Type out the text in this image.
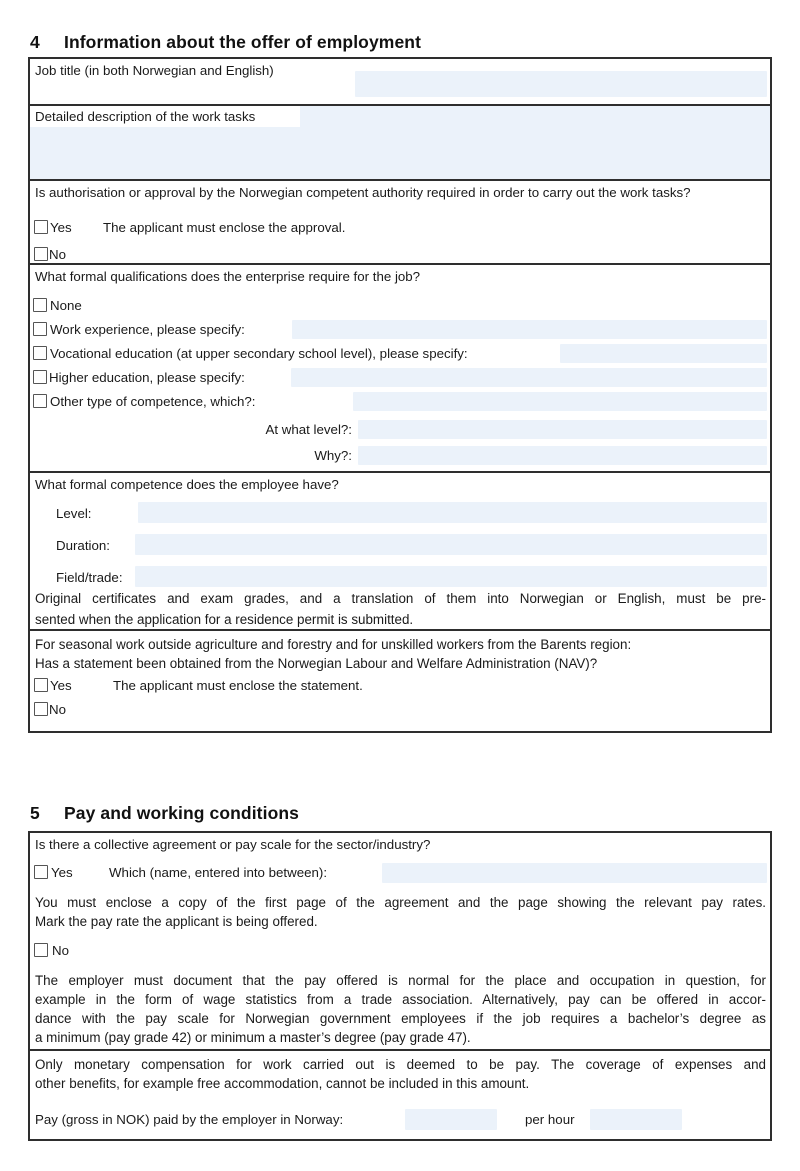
4	Information about the offer of employment
Job title (in both Norwegian and English)
Detailed description of the work tasks
Is authorisation or approval by the Norwegian competent authority required in order to carry out the work tasks?
Yes The applicant must enclose the approval.
No
What formal qualifications does the enterprise require for the job?
None
Work experience, please specify:
Vocational education (at upper secondary school level), please specify:
Higher education, please specify:
Other type of competence, which?:
At what level?:
Why?:
What formal competence does the employee have?
Level:
Duration:
Field/trade:
Original certificates and exam grades, and a translation of them into Norwegian or English, must be pre-
sented when the application for a residence permit is submitted.
For seasonal work outside agriculture and forestry and for unskilled workers from the Barents region:
Has a statement been obtained from the Norwegian Labour and Welfare Administration (NAV)?
Yes	The applicant must enclose the statement.
No
5	Pay and working conditions
Is there a collective agreement or pay scale for the sector/industry?
Yes	Which (name, entered into between):
You must enclose a copy of the first page of the agreement and the page showing the relevant pay rates.
Mark the pay rate the applicant is being offered.
No
The employer must document that the pay offered is normal for the place and occupation in question, for
example in the form of wage statistics from a trade association. Alternatively, pay can be offered in accor-
dance with the pay scale for Norwegian government employees if the job requires a bachelor’s degree as
a minimum (pay grade 42) or minimum a master’s degree (pay grade 47).
Only monetary compensation for work carried out is deemed to be pay. The coverage of expenses and
other benefits, for example free accommodation, cannot be included in this amount.
Pay (gross in NOK) paid by the employer in Norway:	per hour
